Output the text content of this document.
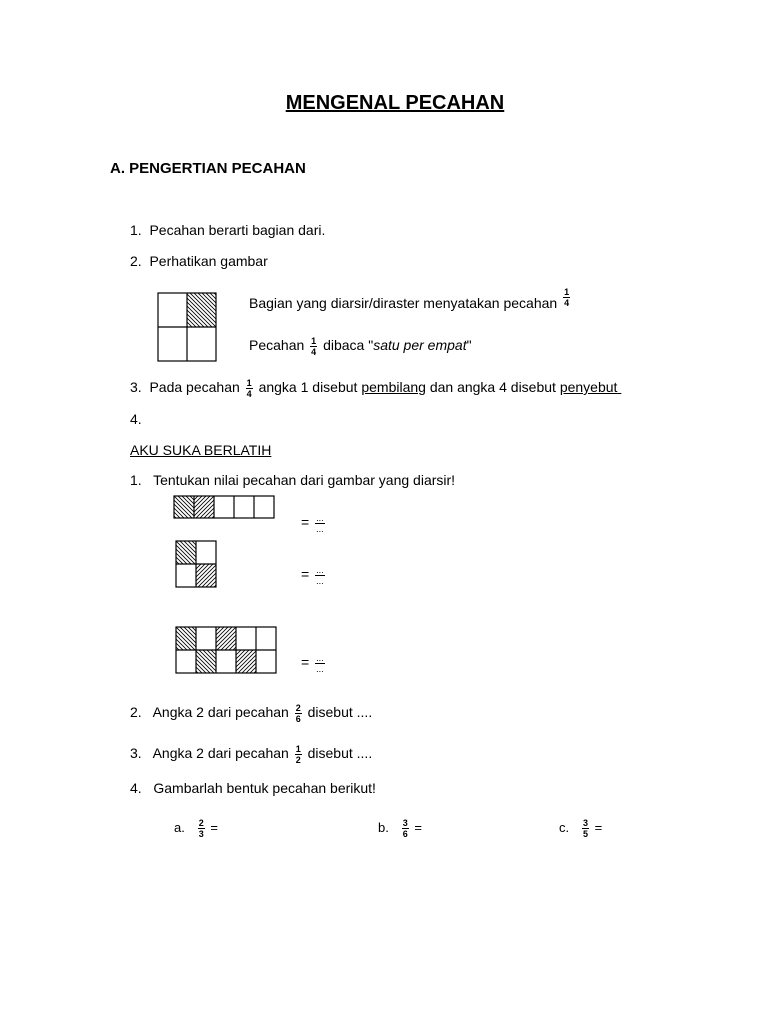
MENGENAL PECAHAN
A. PENGERTIAN PECAHAN
1. Pecahan berarti bagian dari.
2. Perhatikan gambar
Bagian yang diarsir/diraster menyatakan pecahan $\frac{1}{4}$
Pecahan $\frac{1}{4}$ dibaca "satu per empat"
3. Pada pecahan $\frac{1}{4}$ angka 1 disebut pembilang dan angka 4 disebut penyebut
4.
AKU SUKA BERLATIH
1. Tentukan nilai pecahan dari gambar yang diarsir!
= $\frac{...}{...}$
= $\frac{...}{...}$
= $\frac{...}{...}$
2. Angka 2 dari pecahan $\frac{2}{6}$ disebut ....
3. Angka 2 dari pecahan $\frac{1}{2}$ disebut ....
4. Gambarlah bentuk pecahan berikut!
a. $\frac{2}{3}$ =	b. $\frac{3}{6}$ =	c. $\frac{3}{5}$ =
